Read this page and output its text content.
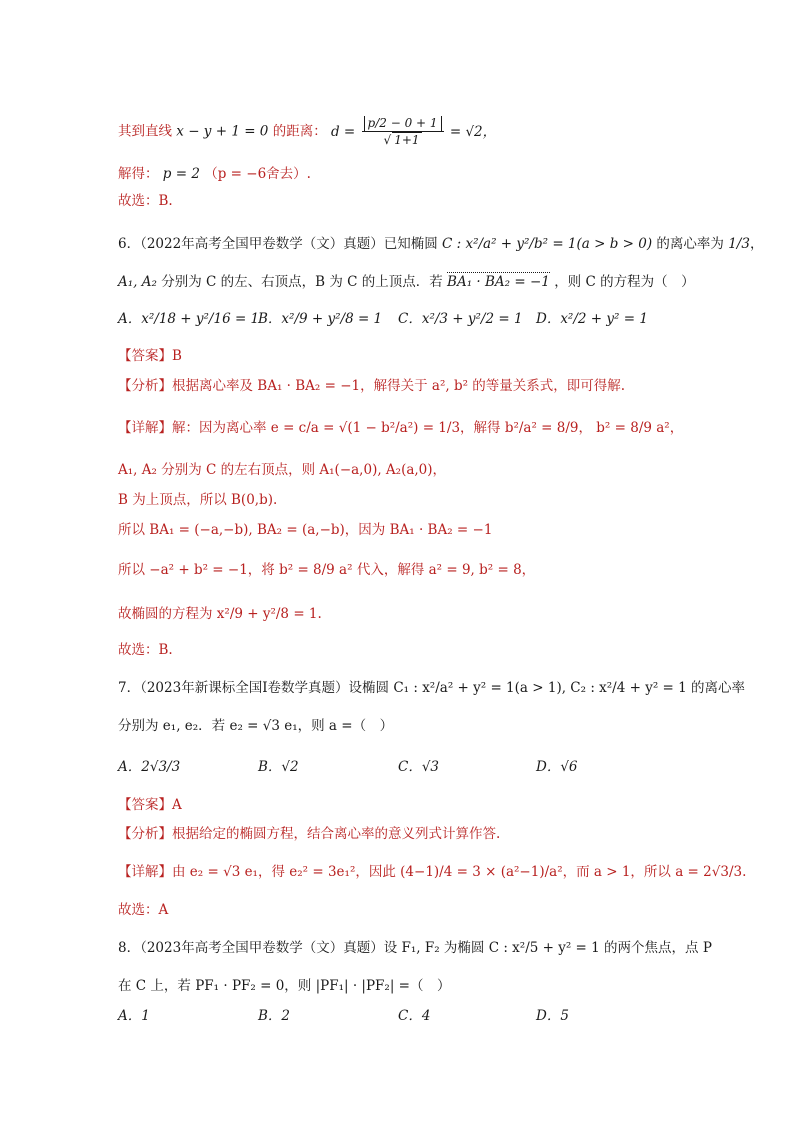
其到直线 x − y + 1 = 0 的距离： $d = \frac{p/2 - 0 + 1}{√ 1+1} = √2$，
解得： p = 2 （p = −6舍去）.
故选：B.
6．（2022年高考全国甲卷数学（文）真题）已知椭圆 C : x²/a² + y²/b² = 1(a > b > 0) 的离心率为 1/3，
A₁, A₂ 分别为 C 的左、右顶点，B 为 C 的上顶点．若 BA₁ · BA₂ = −1 ，则 C 的方程为（　）
A．x²/18 + y²/16 = 1
B．x²/9 + y²/8 = 1 C．x²/3 + y²/2 = 1 D．x²/2 + y² = 1
【答案】B
【分析】根据离心率及 BA₁ · BA₂ = −1，解得关于 a², b² 的等量关系式，即可得解.
【详解】解：因为离心率 e = c/a = √(1 − b²/a²) = 1/3，解得 b²/a² = 8/9， b² = 8/9 a²，
A₁, A₂ 分别为 C 的左右顶点，则 A₁(−a,0), A₂(a,0)，
B 为上顶点，所以 B(0,b).
所以 BA₁ = (−a,−b), BA₂ = (a,−b)，因为 BA₁ · BA₂ = −1
所以 −a² + b² = −1，将 b² = 8/9 a² 代入，解得 a² = 9, b² = 8，
故椭圆的方程为 x²/9 + y²/8 = 1.
故选：B.
7．（2023年新课标全国Ⅰ卷数学真题）设椭圆 C₁ : x²/a² + y² = 1(a > 1), C₂ : x²/4 + y² = 1 的离心率
分别为 e₁, e₂．若 e₂ = √3 e₁，则 a =（　）
A．2√3/3	B．√2	C．√3	D．√6
【答案】A
【分析】根据给定的椭圆方程，结合离心率的意义列式计算作答.
【详解】由 e₂ = √3 e₁，得 e₂² = 3e₁²，因此 (4−1)/4 = 3 × (a²−1)/a²，而 a > 1，所以 a = 2√3/3.
故选：A
8．（2023年高考全国甲卷数学（文）真题）设 F₁, F₂ 为椭圆 C : x²/5 + y² = 1 的两个焦点，点 P
在 C 上，若 PF₁ · PF₂ = 0，则 |PF₁| · |PF₂| =（　）
A．1	B．2	C．4	D．5
